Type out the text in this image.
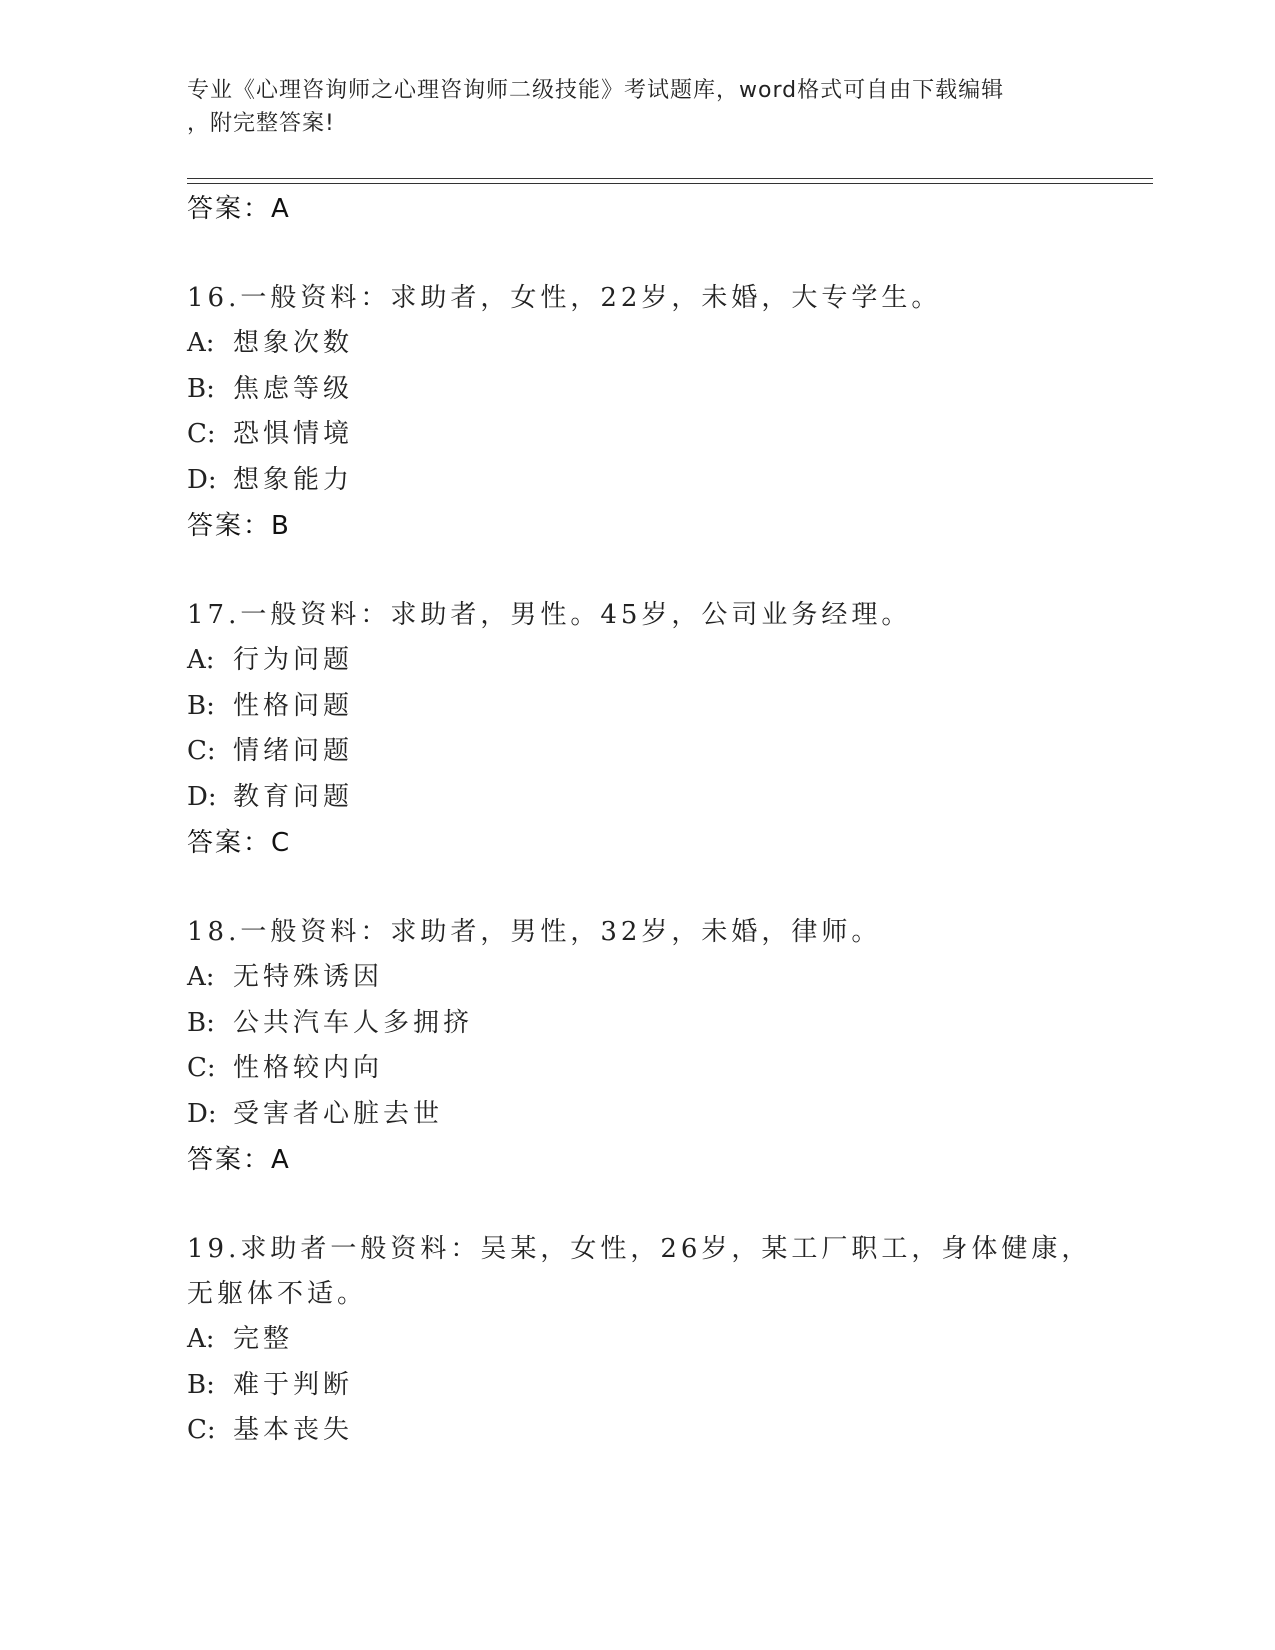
专业《心理咨询师之心理咨询师二级技能》考试题库，word格式可自由下载编辑
，附完整答案!
答案：A
16.一般资料：求助者，女性，22岁，未婚，大专学生。
A: 想象次数
B: 焦虑等级
C: 恐惧情境
D: 想象能力
答案：B
17.一般资料：求助者，男性。45岁，公司业务经理。
A: 行为问题
B: 性格问题
C: 情绪问题
D: 教育问题
答案：C
18.一般资料：求助者，男性，32岁，未婚，律师。
A: 无特殊诱因
B: 公共汽车人多拥挤
C: 性格较内向
D: 受害者心脏去世
答案：A
19.求助者一般资料：吴某，女性，26岁，某工厂职工，身体健康，无躯体不适。
A: 完整
B: 难于判断
C: 基本丧失
